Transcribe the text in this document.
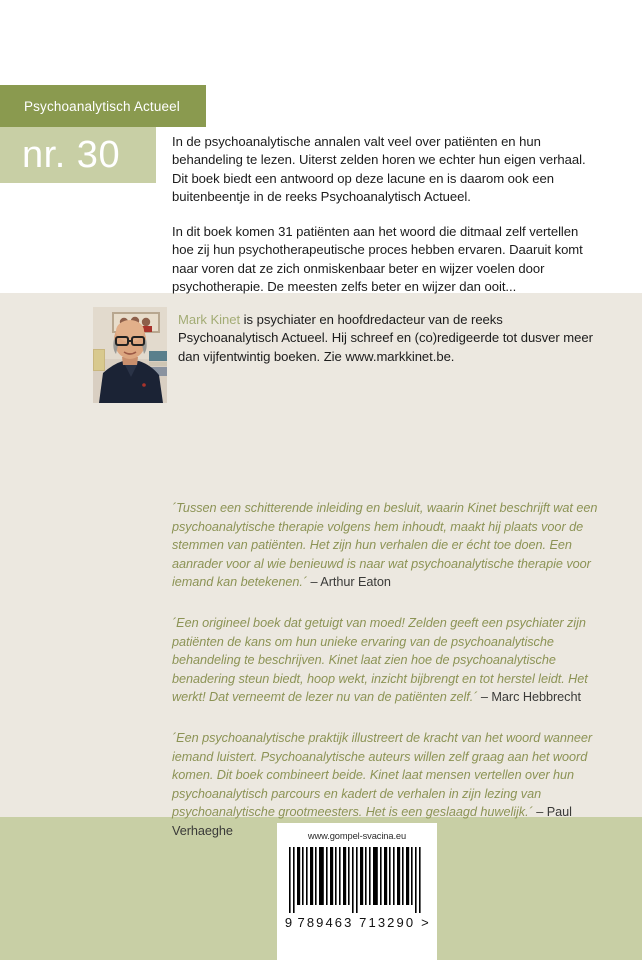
Psychoanalytisch Actueel
nr. 30	In de psychoanalytische annalen valt veel over patiënten en hun behandeling te lezen. Uiterst zelden horen we echter hun eigen verhaal. Dit boek biedt een antwoord op deze lacune en is daarom ook een buitenbeentje in de reeks Psychoanalytisch Actueel.

In dit boek komen 31 patiënten aan het woord die ditmaal zelf vertellen hoe zij hun psychotherapeutische proces hebben ervaren. Daaruit komt naar voren dat ze zich onmiskenbaar beter en wijzer voelen door psychotherapie. De meesten zelfs beter en wijzer dan ooit...

Mark Kinet is psychiater en hoofdredacteur van de reeks Psychoanalytisch Actueel. Hij schreef en (co)redigeerde tot dusver meer dan vijfentwintig boeken. Zie www.markkinet.be.

´Tussen een schitterende inleiding en besluit, waarin Kinet beschrijft wat een psychoanalytische therapie volgens hem inhoudt, maakt hij plaats voor de stemmen van patiënten. Het zijn hun verhalen die er écht toe doen. Een aanrader voor al wie benieuwd is naar wat psychoanalytische therapie voor iemand kan betekenen.´ – Arthur Eaton

´Een origineel boek dat getuigt van moed! Zelden geeft een psychiater zijn patiënten de kans om hun unieke ervaring van de psychoanalytische behandeling te beschrijven. Kinet laat zien hoe de psychoanalytische benadering steun biedt, hoop wekt, inzicht bijbrengt en tot herstel leidt. Het werkt! Dat verneemt de lezer nu van de patiënten zelf.´ – Marc Hebbrecht

´Een psychoanalytische praktijk illustreert de kracht van het woord wanneer iemand luistert. Psychoanalytische auteurs willen zelf graag aan het woord komen. Dit boek combineert beide. Kinet laat mensen vertellen over hun psychoanalytisch parcours en kadert de verhalen in zijn lezing van psychoanalytische grootmeesters. Het is een geslaagd huwelijk.´ – Paul Verhaeghe	www.gompel-svacina.eu
9 789463 713290 >
